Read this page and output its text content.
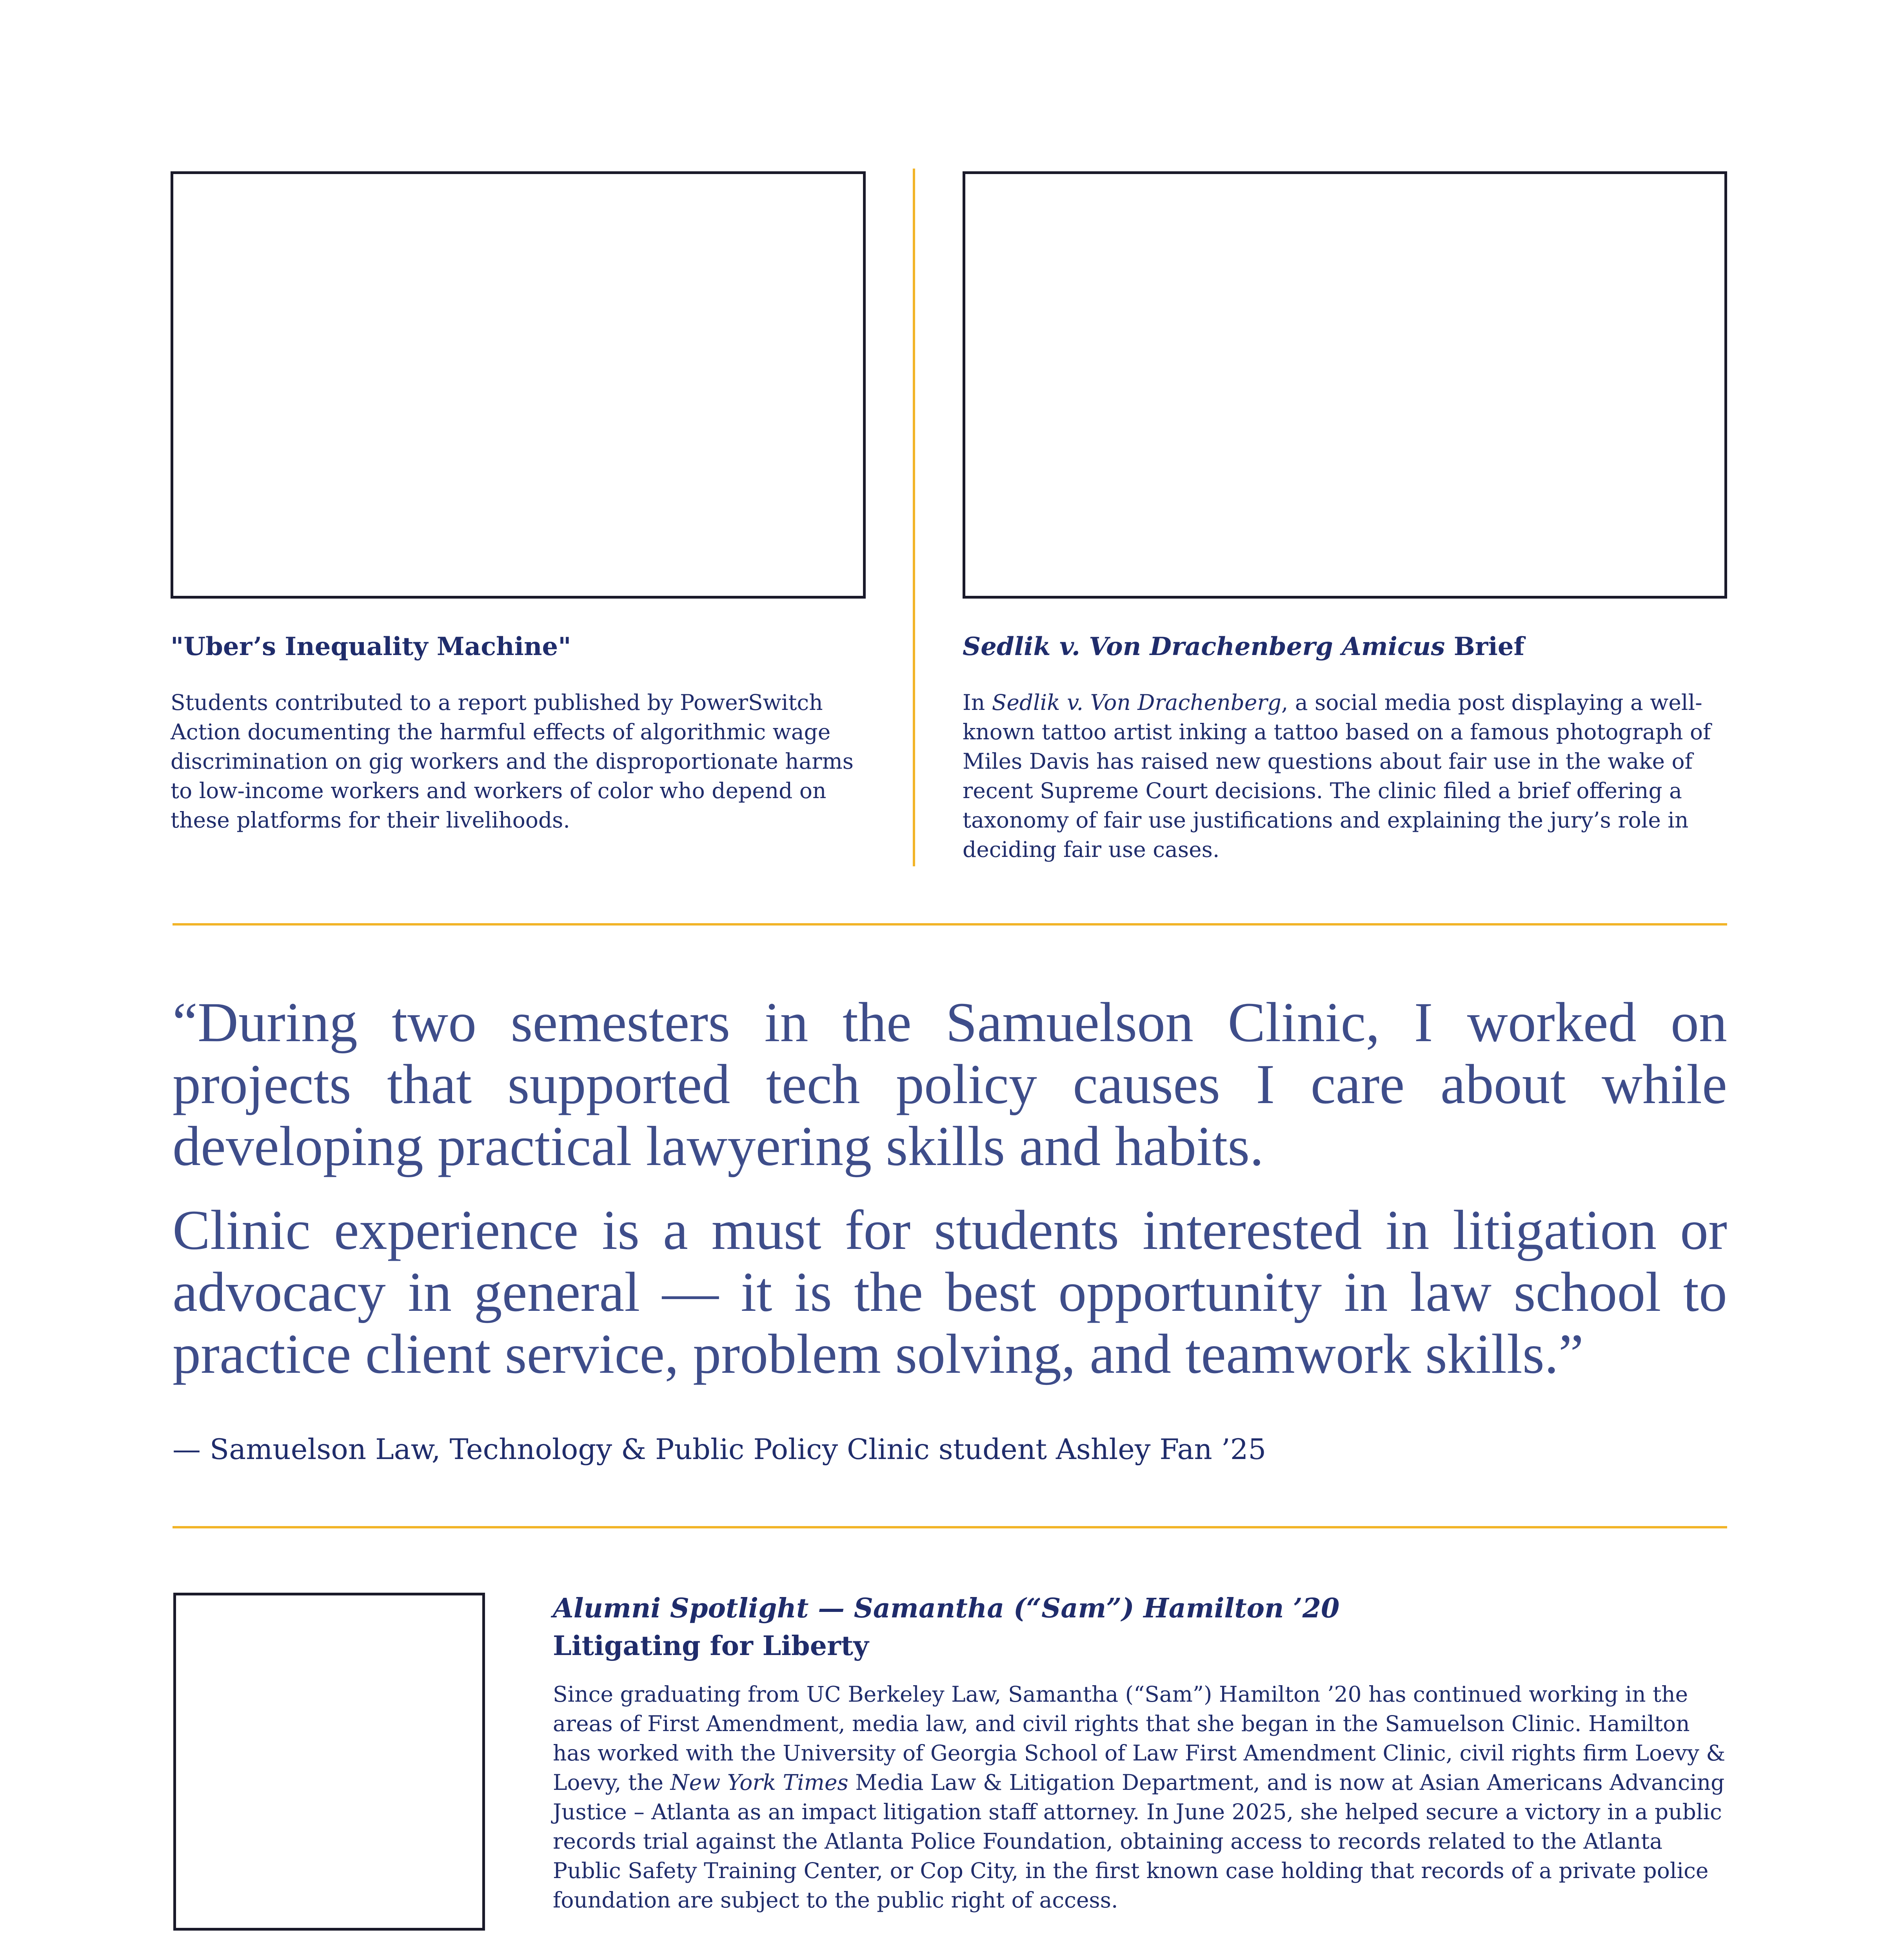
"Uber’s Inequality Machine"
Students contributed to a report published by PowerSwitch Action documenting the harmful effects of algorithmic wage discrimination on gig workers and the disproportionate harms to low-income workers and workers of color who depend on these platforms for their livelihoods.
Sedlik v. Von Drachenberg Amicus Brief
In Sedlik v. Von Drachenberg, a social media post displaying a well-known tattoo artist inking a tattoo based on a famous photograph of Miles Davis has raised new questions about fair use in the wake of recent Supreme Court decisions. The clinic filed a brief offering a taxonomy of fair use justifications and explaining the jury’s role in deciding fair use cases.

“During two semesters in the Samuelson Clinic, I worked on projects that supported tech policy causes I care about while developing practical lawyering skills and habits.

Clinic experience is a must for students interested in litigation or advocacy in general — it is the best opportunity in law school to practice client service, problem solving, and teamwork skills.”

— Samuelson Law, Technology & Public Policy Clinic student Ashley Fan ’25
Alumni Spotlight — Samantha (“Sam”) Hamilton ’20
Litigating for Liberty
Since graduating from UC Berkeley Law, Samantha (“Sam”) Hamilton ’20 has continued working in the areas of First Amendment, media law, and civil rights that she began in the Samuelson Clinic. Hamilton has worked with the University of Georgia School of Law First Amendment Clinic, civil rights firm Loevy & Loevy, the New York Times Media Law & Litigation Department, and is now at Asian Americans Advancing Justice – Atlanta as an impact litigation staff attorney. In June 2025, she helped secure a victory in a public records trial against the Atlanta Police Foundation, obtaining access to records related to the Atlanta Public Safety Training Center, or Cop City, in the first known case holding that records of a private police foundation are subject to the public right of access.
